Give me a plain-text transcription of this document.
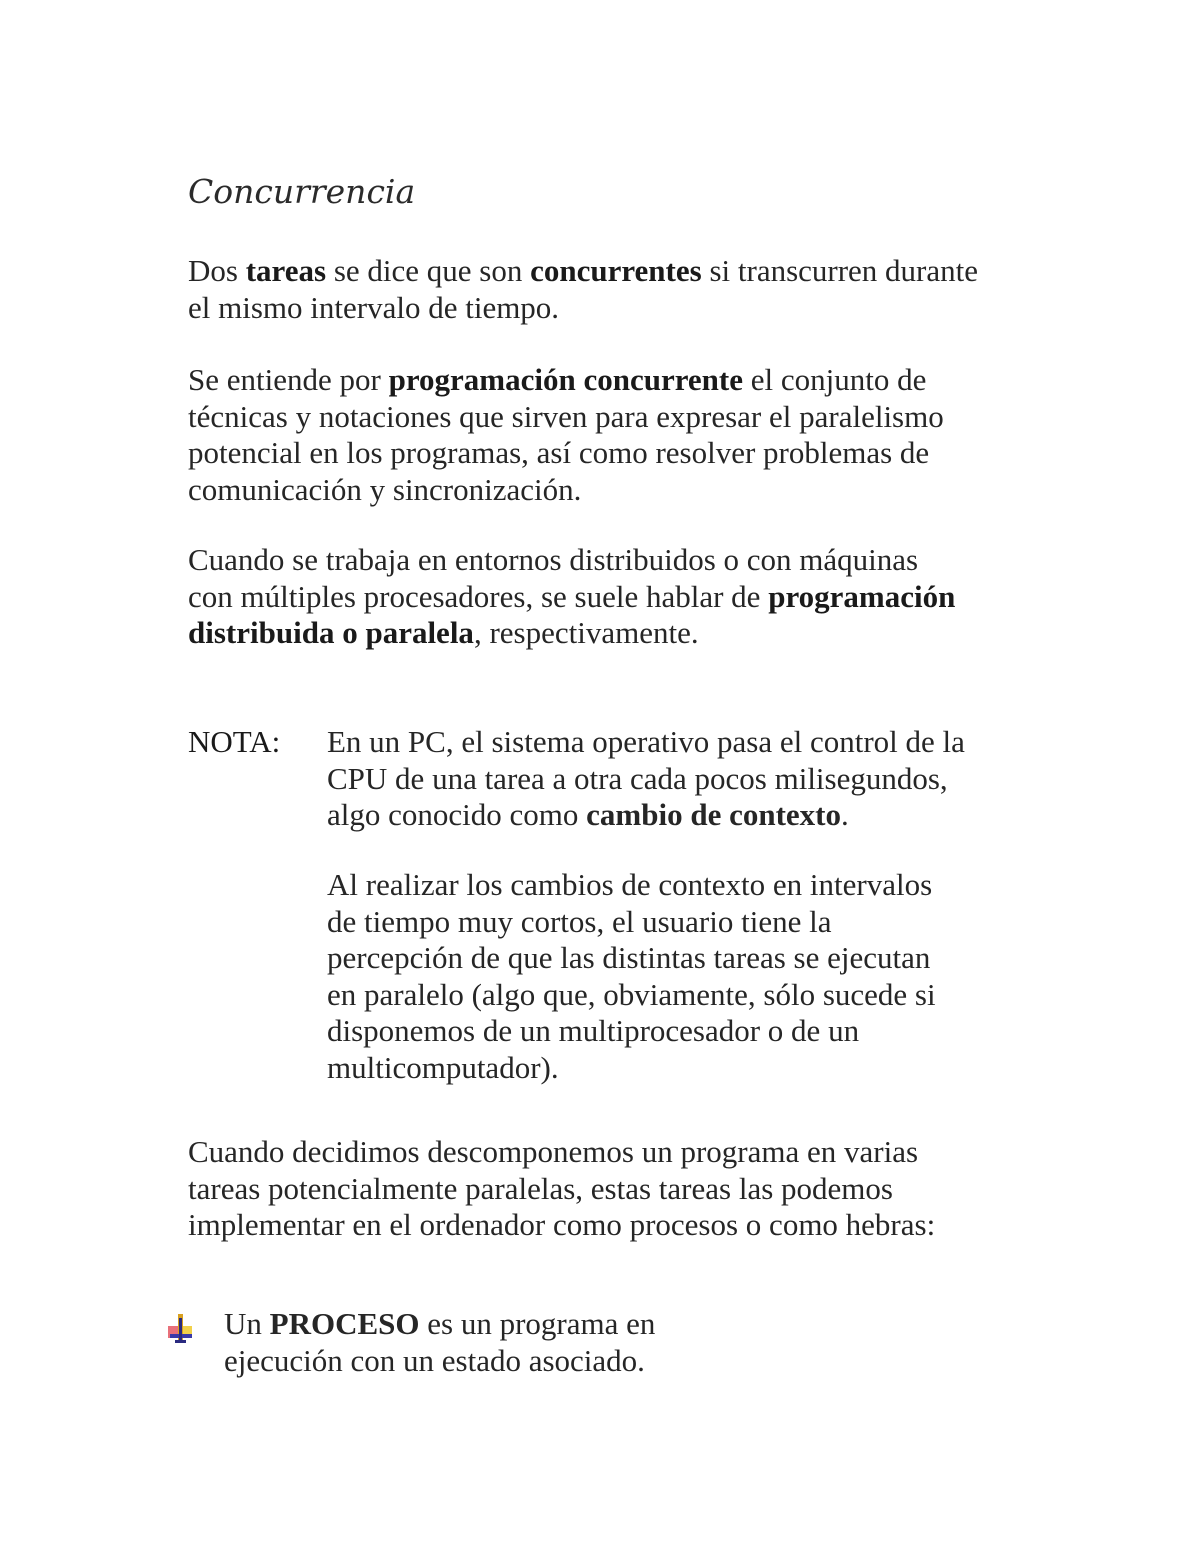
Concurrencia

Dos tareas se dice que son concurrentes si transcurren durante
el mismo intervalo de tiempo.

Se entiende por programación concurrente el conjunto de
técnicas y notaciones que sirven para expresar el paralelismo
potencial en los programas, así como resolver problemas de
comunicación y sincronización.

Cuando se trabaja en entornos distribuidos o con máquinas
con múltiples procesadores, se suele hablar de programación
distribuida o paralela, respectivamente.

NOTA: En un PC, el sistema operativo pasa el control de la
CPU de una tarea a otra cada pocos milisegundos,
algo conocido como cambio de contexto.

Al realizar los cambios de contexto en intervalos
de tiempo muy cortos, el usuario tiene la
percepción de que las distintas tareas se ejecutan
en paralelo (algo que, obviamente, sólo sucede si
disponemos de un multiprocesador o de un
multicomputador).

Cuando decidimos descomponemos un programa en varias
tareas potencialmente paralelas, estas tareas las podemos
implementar en el ordenador como procesos o como hebras:

Un PROCESO es un programa en
ejecución con un estado asociado.
